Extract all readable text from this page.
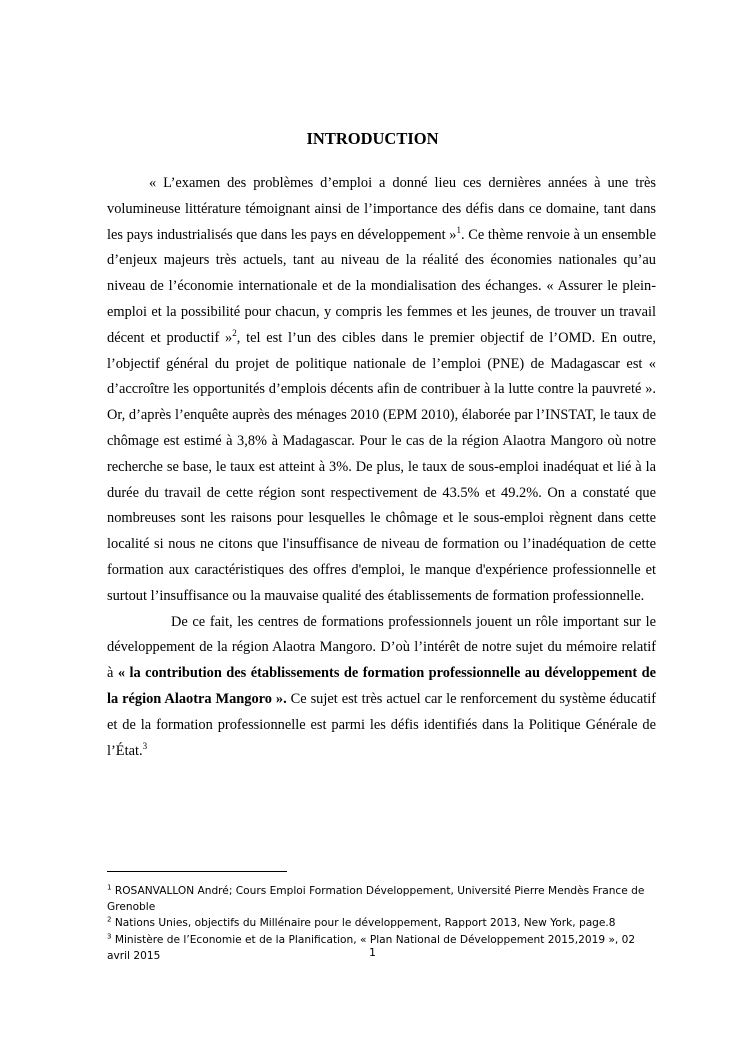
INTRODUCTION

« L’examen des problèmes d’emploi a donné lieu ces dernières années à une très volumineuse littérature témoignant ainsi de l’importance des défis dans ce domaine, tant dans les pays industrialisés que dans les pays en développement »$^1$. Ce thème renvoie à un ensemble d’enjeux majeurs très actuels, tant au niveau de la réalité des économies nationales qu’au niveau de l’économie internationale et de la mondialisation des échanges. « Assurer le plein-emploi et la possibilité pour chacun, y compris les femmes et les jeunes, de trouver un travail décent et productif »$^2$, tel est l’un des cibles dans le premier objectif de l’OMD. En outre, l’objectif général du projet de politique nationale de l’emploi (PNE) de Madagascar est « d’accroître les opportunités d’emplois décents afin de contribuer à la lutte contre la pauvreté ». Or, d’après l’enquête auprès des ménages 2010 (EPM 2010), élaborée par l’INSTAT, le taux de chômage est estimé à 3,8% à Madagascar. Pour le cas de la région Alaotra Mangoro où notre recherche se base, le taux est atteint à 3%. De plus, le taux de sous-emploi inadéquat et lié à la durée du travail de cette région sont respectivement de 43.5% et 49.2%. On a constaté que nombreuses sont les raisons pour lesquelles le chômage et le sous-emploi règnent dans cette localité si nous ne citons que l'insuffisance de niveau de formation ou l’inadéquation de cette formation aux caractéristiques des offres d'emploi, le manque d'expérience professionnelle et surtout l’insuffisance ou la mauvaise qualité des établissements de formation professionnelle.

De ce fait, les centres de formations professionnels jouent un rôle important sur le développement de la région Alaotra Mangoro. D’où l’intérêt de notre sujet du mémoire relatif à « la contribution des établissements de formation professionnelle au développement de la région Alaotra Mangoro ». Ce sujet est très actuel car le renforcement du système éducatif et de la formation professionnelle est parmi les défis identifiés dans la Politique Générale de l’État.$^3$

$^1$ ROSANVALLON André; Cours Emploi Formation Développement, Université Pierre Mendès France de Grenoble
$^2$ Nations Unies, objectifs du Millénaire pour le développement, Rapport 2013, New York, page.8
$^3$ Ministère de l’Economie et de la Planification, « Plan National de Développement 2015,2019 », 02 avril 2015	1
